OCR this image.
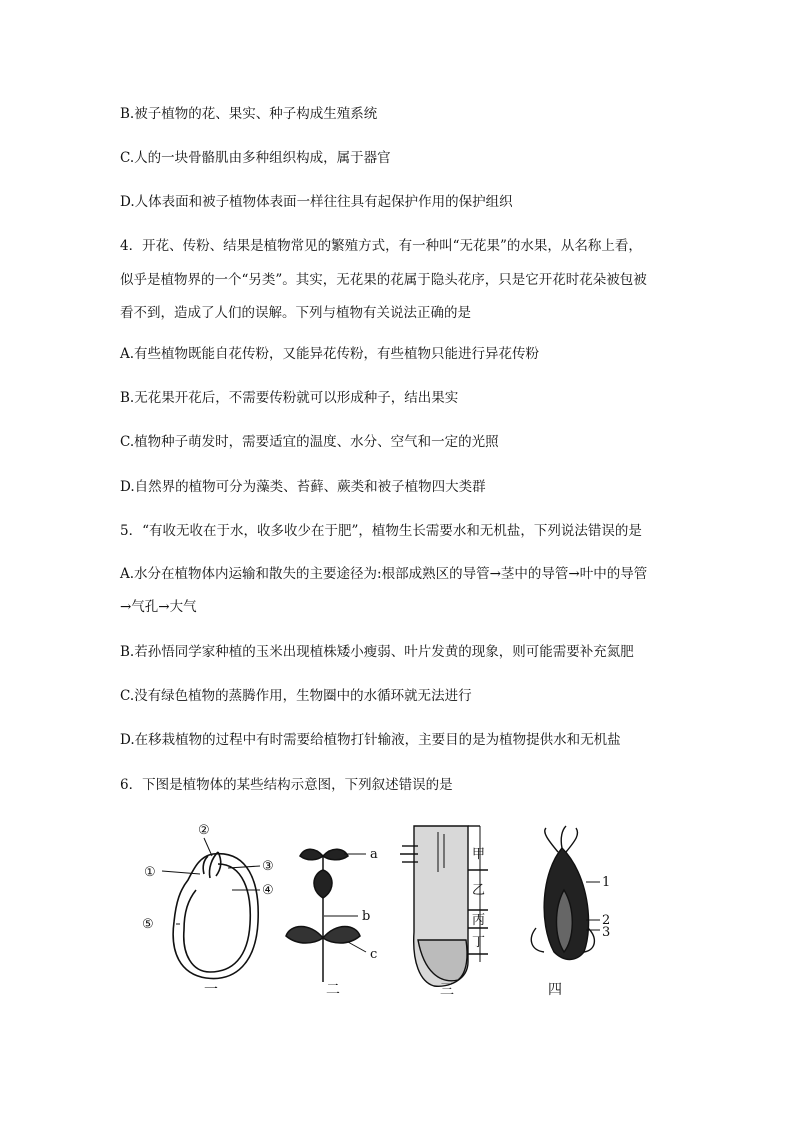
B.被子植物的花、果实、种子构成生殖系统
C.人的一块骨骼肌由多种组织构成，属于器官
D.人体表面和被子植物体表面一样往往具有起保护作用的保护组织
4．开花、传粉、结果是植物常见的繁殖方式，有一种叫“无花果”的水果，从名称上看，
似乎是植物界的一个“另类”。其实，无花果的花属于隐头花序，只是它开花时花朵被包被
看不到，造成了人们的误解。下列与植物有关说法正确的是
A.有些植物既能自花传粉，又能异花传粉，有些植物只能进行异花传粉
B.无花果开花后，不需要传粉就可以形成种子，结出果实
C.植物种子萌发时，需要适宜的温度、水分、空气和一定的光照
D.自然界的植物可分为藻类、苔藓、蕨类和被子植物四大类群
5．“有收无收在于水，收多收少在于肥”，植物生长需要水和无机盐，下列说法错误的是
A.水分在植物体内运输和散失的主要途径为:根部成熟区的导管→茎中的导管→叶中的导管
→气孔→大气
B.若孙悟同学家种植的玉米出现植株矮小瘦弱、叶片发黄的现象，则可能需要补充氮肥
C.没有绿色植物的蒸腾作用，生物圈中的水循环就无法进行
D.在移栽植物的过程中有时需要给植物打针输液，主要目的是为植物提供水和无机盐
6．下图是植物体的某些结构示意图，下列叙述错误的是
①
②
③
④
⑤
a
b
c
甲
乙
丙
丁
1
2
3
一	二	三	四
